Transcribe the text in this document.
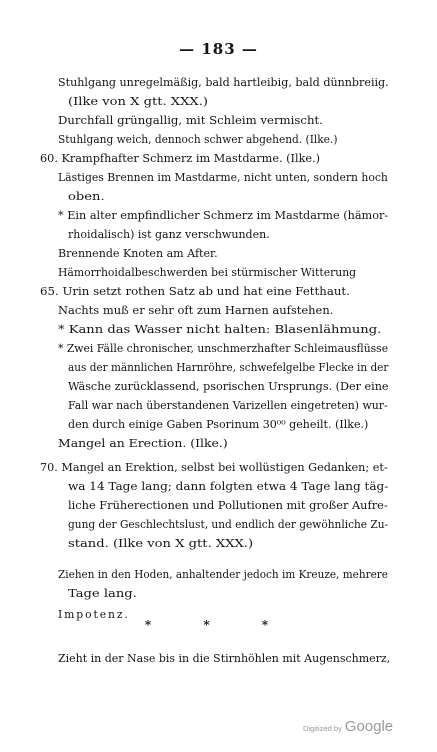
— 183 —
Stuhlgang unregelmäßig, bald hartleibig, bald dünnbreiig.
(Ilke von X gtt. XXX.)
Durchfall grüngallig, mit Schleim vermischt.
Stuhlgang weich, dennoch schwer abgehend. (Ilke.)
60. Krampfhafter Schmerz im Mastdarme. (Ilke.)
Lästiges Brennen im Mastdarme, nicht unten, sondern hoch
oben.
* Ein alter empfindlicher Schmerz im Mastdarme (hämor-
rhoidalisch) ist ganz verschwunden.
Brennende Knoten am After.
Hämorrhoidalbeschwerden bei stürmischer Witterung
65. Urin setzt rothen Satz ab und hat eine Fetthaut.
Nachts muß er sehr oft zum Harnen aufstehen.
* Kann das Wasser nicht halten: Blasenlähmung.
* Zwei Fälle chronischer, unschmerzhafter Schleimausflüsse
aus der männlichen Harnröhre, schwefelgelbe Flecke in der
Wäsche zurücklassend, psorischen Ursprungs. (Der eine
Fall war nach überstandenen Varizellen eingetreten) wur-
den durch einige Gaben Psorinum 30⁰⁰ geheilt. (Ilke.)
Mangel an Erection. (Ilke.)
70. Mangel an Erektion, selbst bei wollüstigen Gedanken; et-
wa 14 Tage lang; dann folgten etwa 4 Tage lang täg-
liche Früherectionen und Pollutionen mit großer Aufre-
gung der Geschlechtslust, und endlich der gewöhnliche Zu-
stand. (Ilke von X gtt. XXX.)
Ziehen in den Hoden, anhaltender jedoch im Kreuze, mehrere
Tage lang.
Impotenz.
Zieht in der Nase bis in die Stirnhöhlen mit Augenschmerz,
* * *
Digitized by Google
